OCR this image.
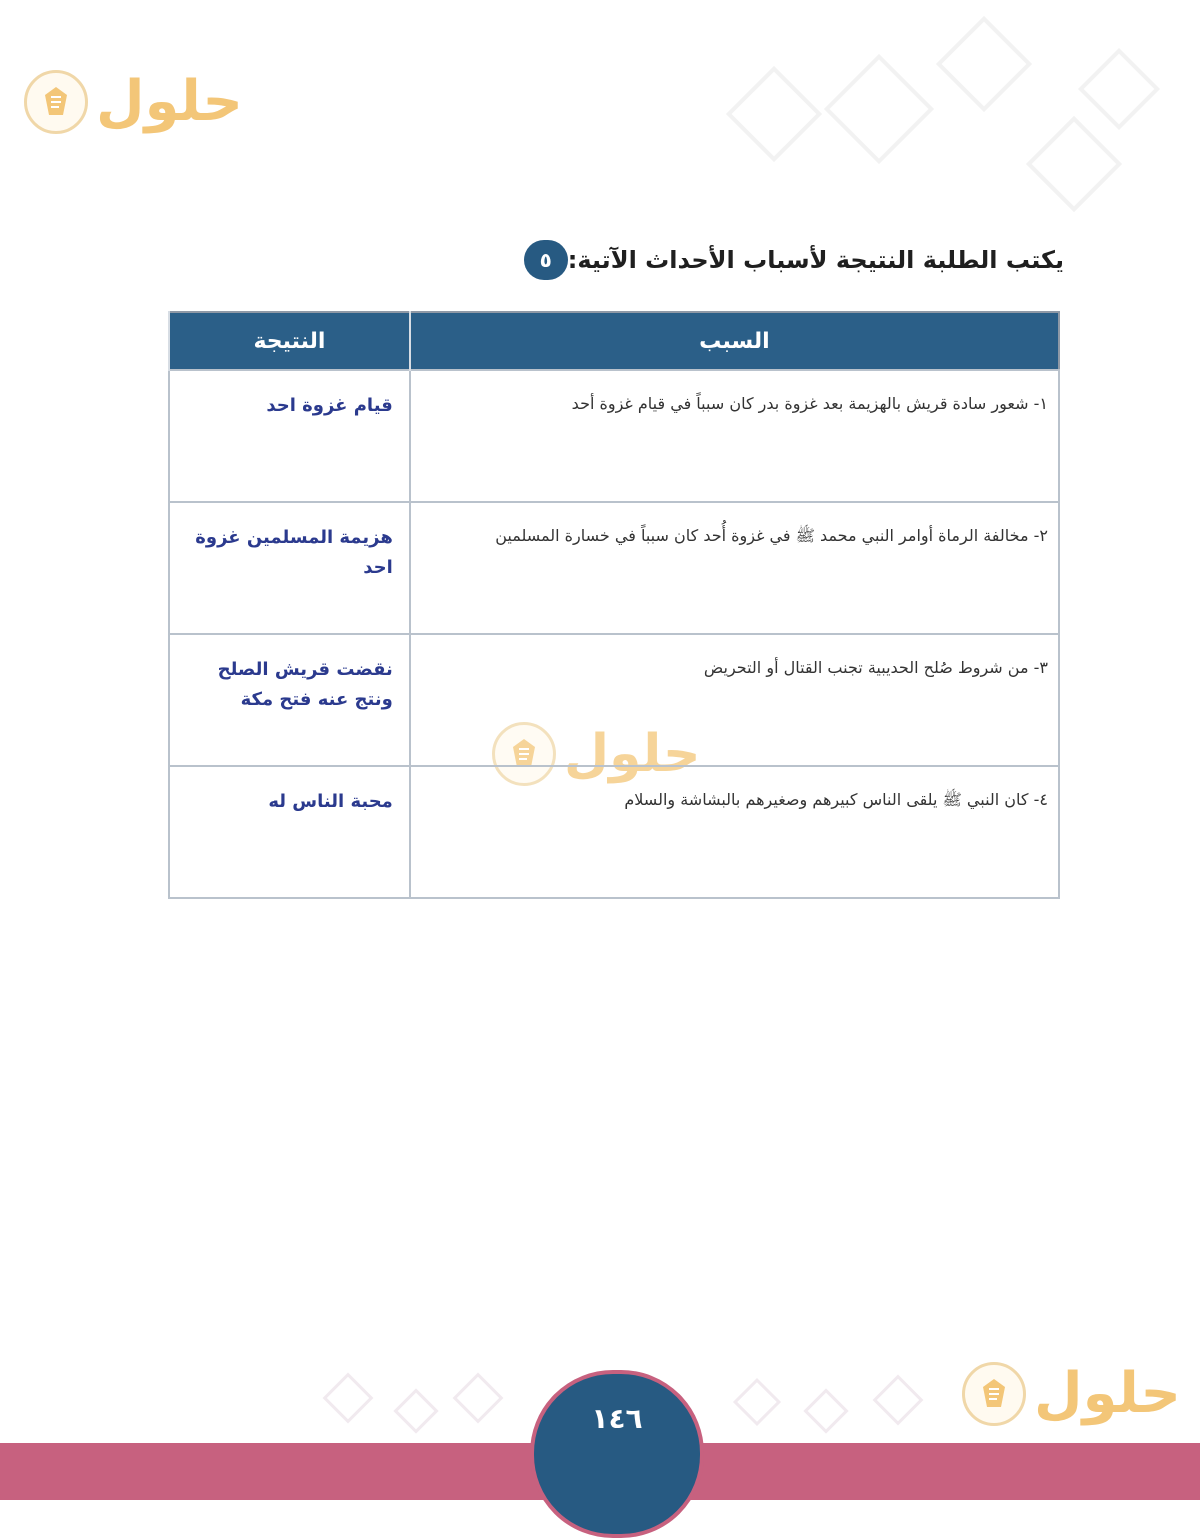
حلول
حلول
حلول
٥ يكتب الطلبة النتيجة لأسباب الأحداث الآتية:
السبب	النتيجة
١- شعور سادة قريش بالهزيمة بعد غزوة بدر كان سبباً في قيام غزوة أحد	قيام غزوة احد
٢- مخالفة الرماة أوامر النبي محمد ﷺ في غزوة أُحد كان سبباً في خسارة المسلمين	هزيمة المسلمين غزوة احد
٣- من شروط صُلح الحديبية تجنب القتال أو التحريض	نقضت قريش الصلح ونتج عنه فتح مكة
٤- كان النبي ﷺ يلقى الناس كبيرهم وصغيرهم بالبشاشة والسلام	محبة الناس له
١٤٦
